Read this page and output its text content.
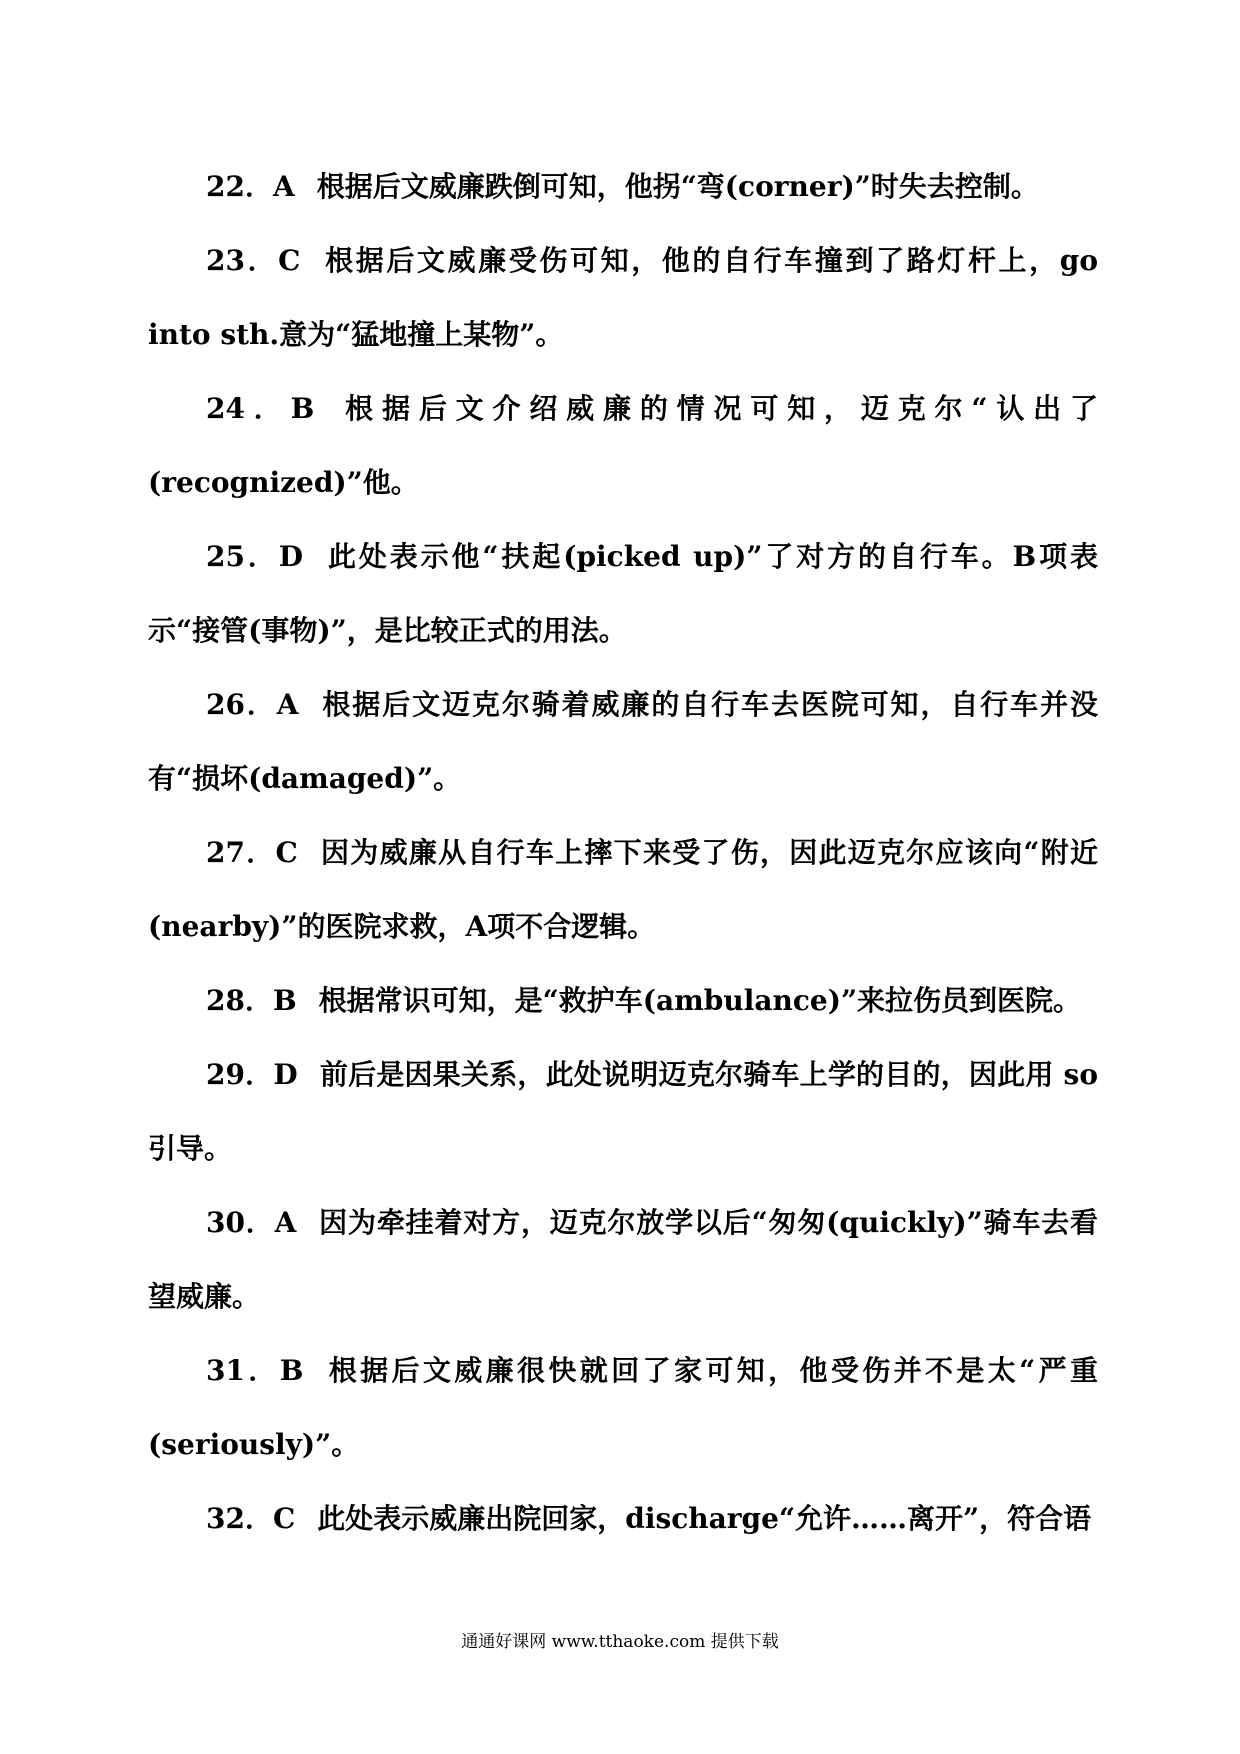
22．A 根据后文威廉跌倒可知，他拐“弯(corner)”时失去控制。

23．C 根据后文威廉受伤可知，他的自行车撞到了路灯杆上，go into sth.意为“猛地撞上某物”。

24．B 根据后文介绍威廉的情况可知，迈克尔“认出了(recognized)”他。

25．D 此处表示他“扶起(picked up)”了对方的自行车。B项表示“接管(事物)”，是比较正式的用法。

26．A 根据后文迈克尔骑着威廉的自行车去医院可知，自行车并没有“损坏(damaged)”。

27．C 因为威廉从自行车上摔下来受了伤，因此迈克尔应该向“附近(nearby)”的医院求救，A项不合逻辑。

28．B 根据常识可知，是“救护车(ambulance)”来拉伤员到医院。

29．D 前后是因果关系，此处说明迈克尔骑车上学的目的，因此用 so 引导。

30．A 因为牵挂着对方，迈克尔放学以后“匆匆(quickly)”骑车去看望威廉。

31．B 根据后文威廉很快就回了家可知，他受伤并不是太“严重(seriously)”。

32．C 此处表示威廉出院回家，discharge“允许……离开”，符合语

通通好课网 www.tthaoke.com 提供下载
